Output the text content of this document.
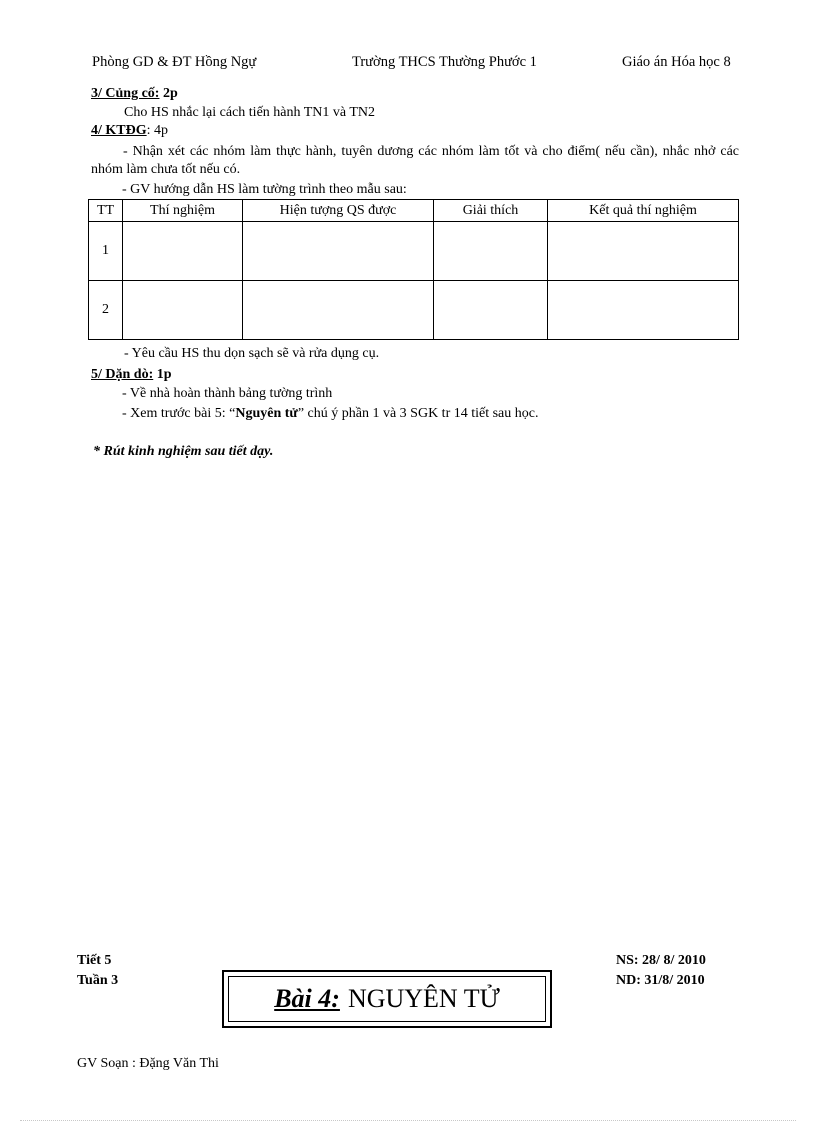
Phòng GD & ĐT Hồng Ngự	Trường THCS Thường Phước 1	Giáo án Hóa học 8
3/ Củng cố: 2p
Cho HS nhắc lại cách tiến hành TN1 và TN2
4/ KTĐG: 4p
- Nhận xét các nhóm làm thực hành, tuyên dương các nhóm làm tốt và cho điểm( nếu cần), nhắc nhở các nhóm làm chưa tốt nếu có.
- GV hướng dẫn HS làm tường trình theo mẫu sau:
TT	Thí nghiệm	Hiện tượng QS được	Giải thích	Kết quả thí nghiệm
1				
2				
- Yêu cầu HS thu dọn sạch sẽ và rửa dụng cụ.
5/ Dặn dò: 1p
- Về nhà hoàn thành bảng tường trình
- Xem trước bài 5: “Nguyên tử” chú ý phần 1 và 3 SGK tr 14 tiết sau học.
* Rút kinh nghiệm sau tiết dạy.
Tiết 5
Tuần 3
NS: 28/ 8/ 2010
ND: 31/8/ 2010
Bài 4: NGUYÊN TỬ
GV Soạn : Đặng Văn Thi
